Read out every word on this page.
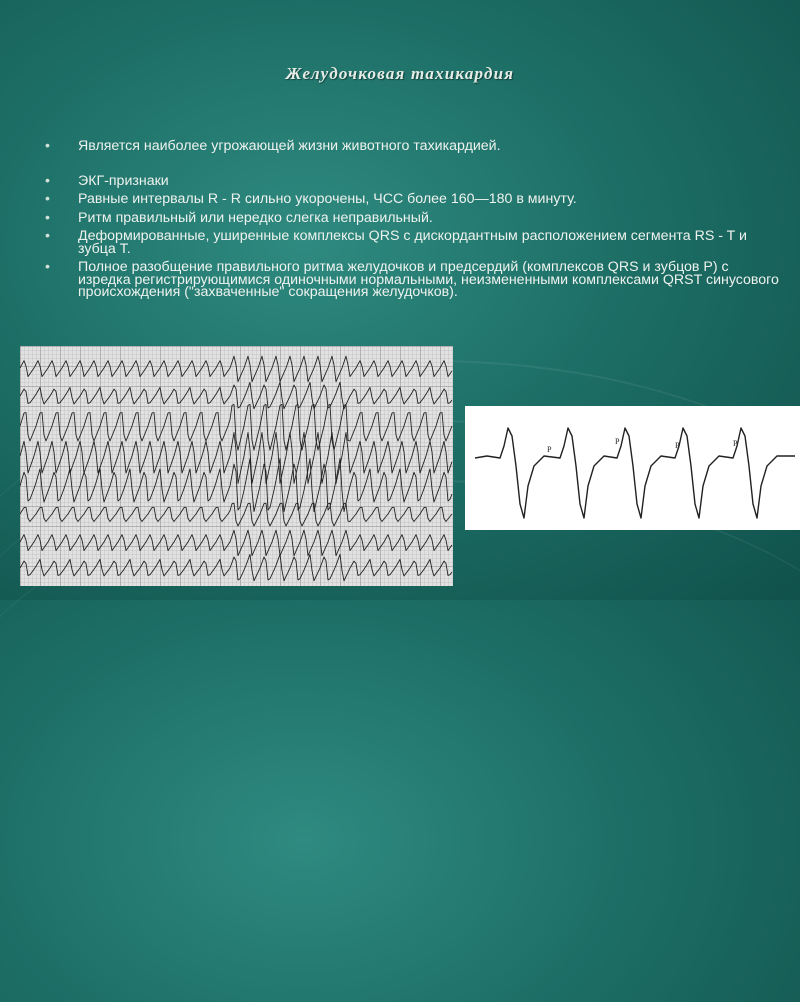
Желудочковая тахикардия
• Является наиболее угрожающей жизни животного тахикардией.
• ЭКГ-признаки
• Равные интервалы R - R сильно укорочены, ЧСС более 160—180 в минуту.
• Ритм правильный или нередко слегка неправильный.
• Деформированные, уширенные комплексы QRS с дискордантным расположением сегмента RS - T и зубца Т.
• Полное разобщение правильного ритма желудочков и предсердий (комплексов QRS и зубцов P) с изредка регистрирующимися одиночными нормальными, неизмененными комплексами QRST синусового происхождения ("захваченные" сокращения желудочков).
P
P	P	P
